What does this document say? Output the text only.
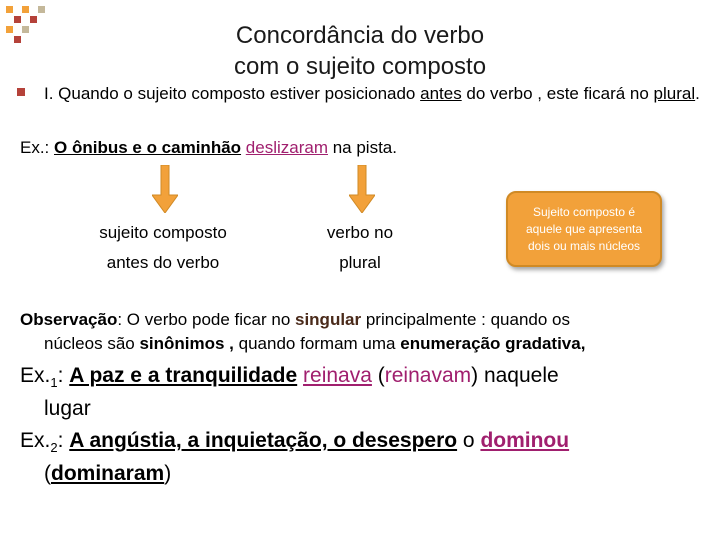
Concordância do verbo
com o sujeito composto
I. Quando o sujeito composto estiver posicionado antes do verbo , este ficará no plural.
Ex.: O ônibus e o caminhão deslizaram na pista.
sujeito composto
antes do verbo
verbo no
plural
Sujeito composto é aquele que apresenta dois ou mais núcleos
Observação: O verbo pode ficar no singular principalmente : quando os
núcleos são sinônimos , quando formam uma enumeração gradativa,
$Ex._1$: A paz e a tranquilidade reinava (reinavam) naquele
lugar
$Ex._2$: A angústia, a inquietação, o desespero o dominou
(dominaram)
